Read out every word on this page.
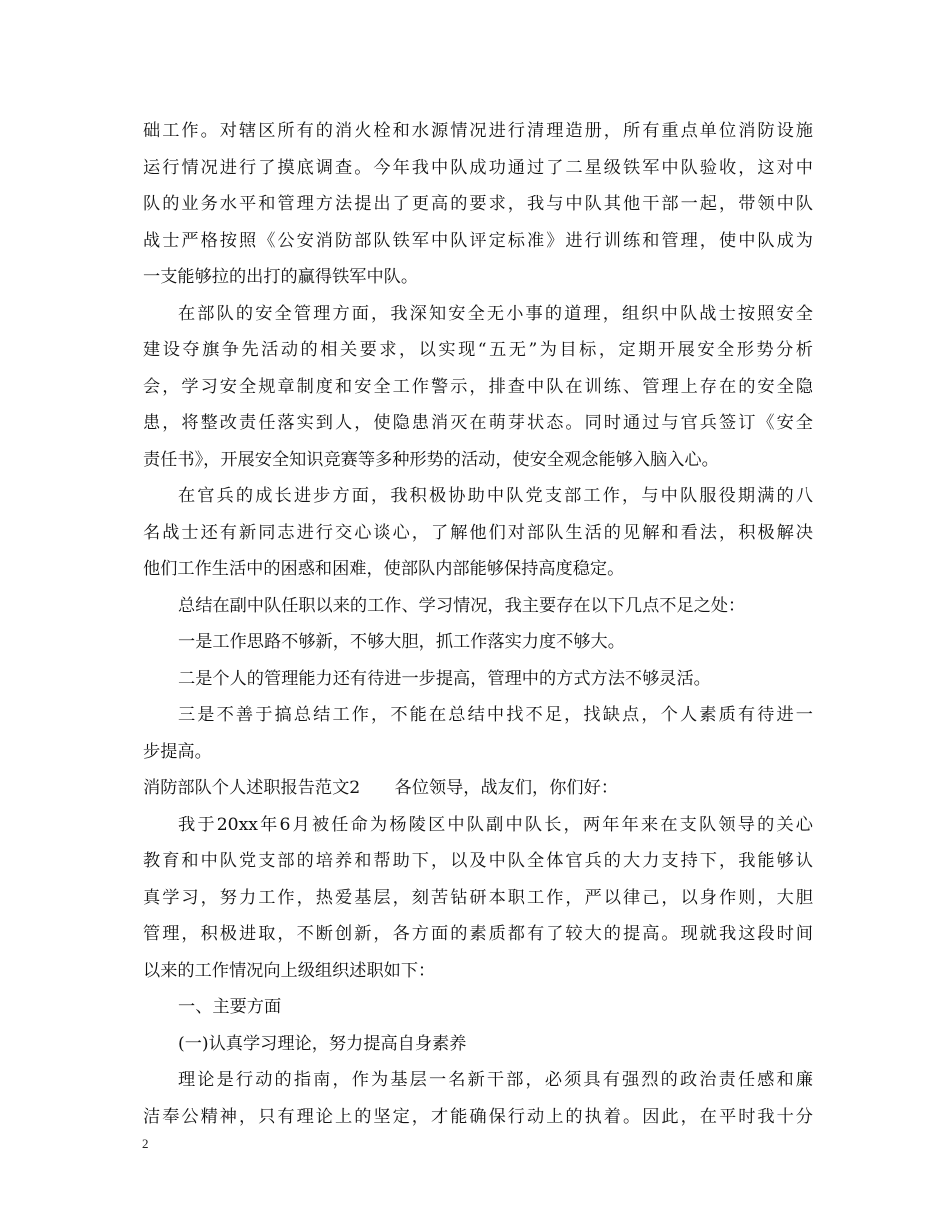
础工作。对辖区所有的消火栓和水源情况进行清理造册，所有重点单位消防设施
运行情况进行了摸底调查。今年我中队成功通过了二星级铁军中队验收，这对中
队的业务水平和管理方法提出了更高的要求，我与中队其他干部一起，带领中队
战士严格按照《公安消防部队铁军中队评定标准》进行训练和管理，使中队成为
一支能够拉的出打的赢得铁军中队。
在部队的安全管理方面，我深知安全无小事的道理，组织中队战士按照安全
建设夺旗争先活动的相关要求，以实现“五无”为目标，定期开展安全形势分析
会，学习安全规章制度和安全工作警示，排查中队在训练、管理上存在的安全隐
患，将整改责任落实到人，使隐患消灭在萌芽状态。同时通过与官兵签订《安全
责任书》，开展安全知识竞赛等多种形势的活动，使安全观念能够入脑入心。
在官兵的成长进步方面，我积极协助中队党支部工作，与中队服役期满的八
名战士还有新同志进行交心谈心，了解他们对部队生活的见解和看法，积极解决
他们工作生活中的困惑和困难，使部队内部能够保持高度稳定。
总结在副中队任职以来的工作、学习情况，我主要存在以下几点不足之处：
一是工作思路不够新，不够大胆，抓工作落实力度不够大。
二是个人的管理能力还有待进一步提高，管理中的方式方法不够灵活。
三是不善于搞总结工作，不能在总结中找不足，找缺点，个人素质有待进一
步提高。
消防部队个人述职报告范文2　　各位领导，战友们，你们好：
我于20xx年6月被任命为杨陵区中队副中队长，两年年来在支队领导的关心
教育和中队党支部的培养和帮助下，以及中队全体官兵的大力支持下，我能够认
真学习，努力工作，热爱基层，刻苦钻研本职工作，严以律己，以身作则，大胆
管理，积极进取，不断创新，各方面的素质都有了较大的提高。现就我这段时间
以来的工作情况向上级组织述职如下：
一、主要方面
(一)认真学习理论，努力提高自身素养
理论是行动的指南，作为基层一名新干部，必须具有强烈的政治责任感和廉
洁奉公精神，只有理论上的坚定，才能确保行动上的执着。因此，在平时我十分
2
